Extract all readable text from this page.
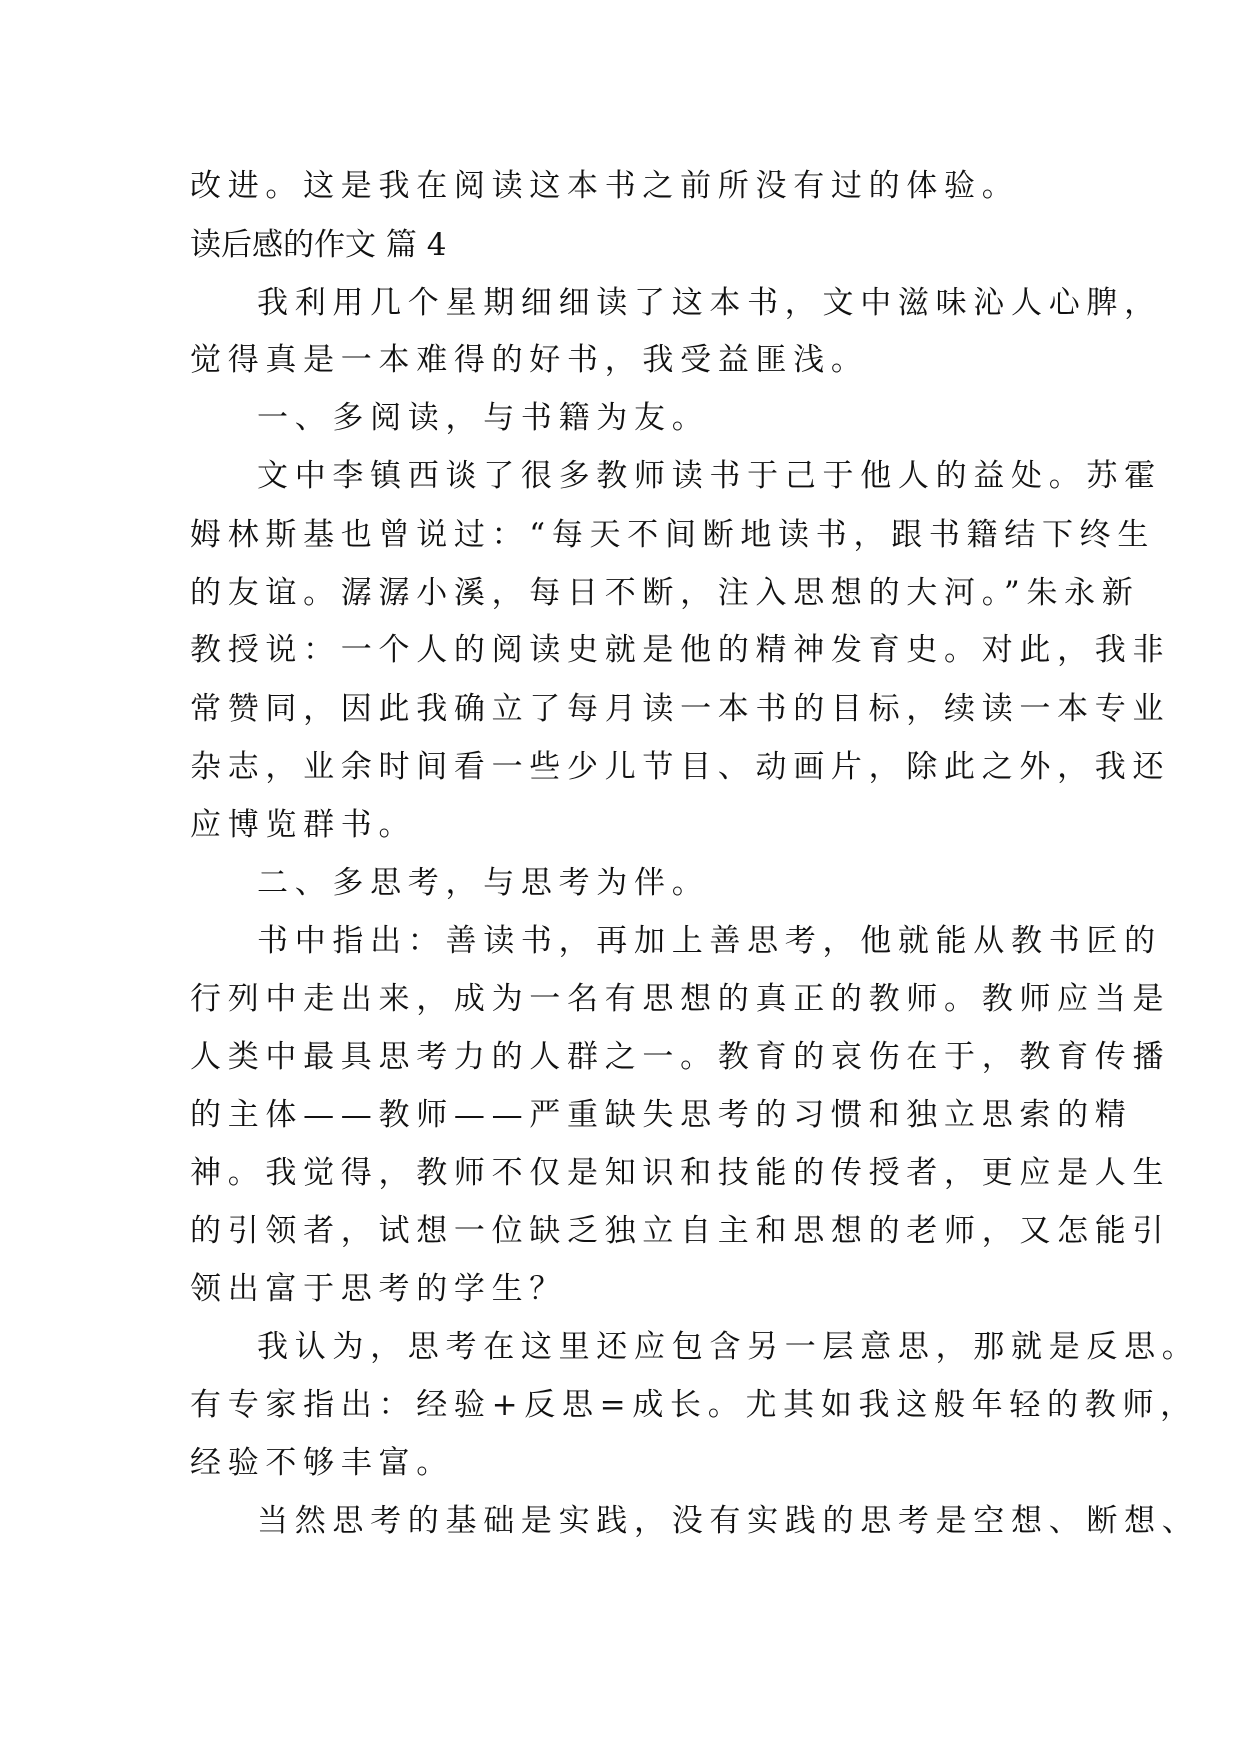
改进。这是我在阅读这本书之前所没有过的体验。
读后感的作文 篇 4
我利用几个星期细细读了这本书，文中滋味沁人心脾，
觉得真是一本难得的好书，我受益匪浅。
一、多阅读，与书籍为友。
文中李镇西谈了很多教师读书于己于他人的益处。苏霍
姆林斯基也曾说过：“每天不间断地读书，跟书籍结下终生
的友谊。潺潺小溪，每日不断，注入思想的大河。”朱永新
教授说：一个人的阅读史就是他的精神发育史。对此，我非
常赞同，因此我确立了每月读一本书的目标，续读一本专业
杂志，业余时间看一些少儿节目、动画片，除此之外，我还
应博览群书。
二、多思考，与思考为伴。
书中指出：善读书，再加上善思考，他就能从教书匠的
行列中走出来，成为一名有思想的真正的教师。教师应当是
人类中最具思考力的人群之一。教育的哀伤在于，教育传播
的主体——教师——严重缺失思考的习惯和独立思索的精
神。我觉得，教师不仅是知识和技能的传授者，更应是人生
的引领者，试想一位缺乏独立自主和思想的老师，又怎能引
领出富于思考的学生？
我认为，思考在这里还应包含另一层意思，那就是反思。
有专家指出：经验+反思=成长。尤其如我这般年轻的教师，
经验不够丰富。
当然思考的基础是实践，没有实践的思考是空想、断想、
